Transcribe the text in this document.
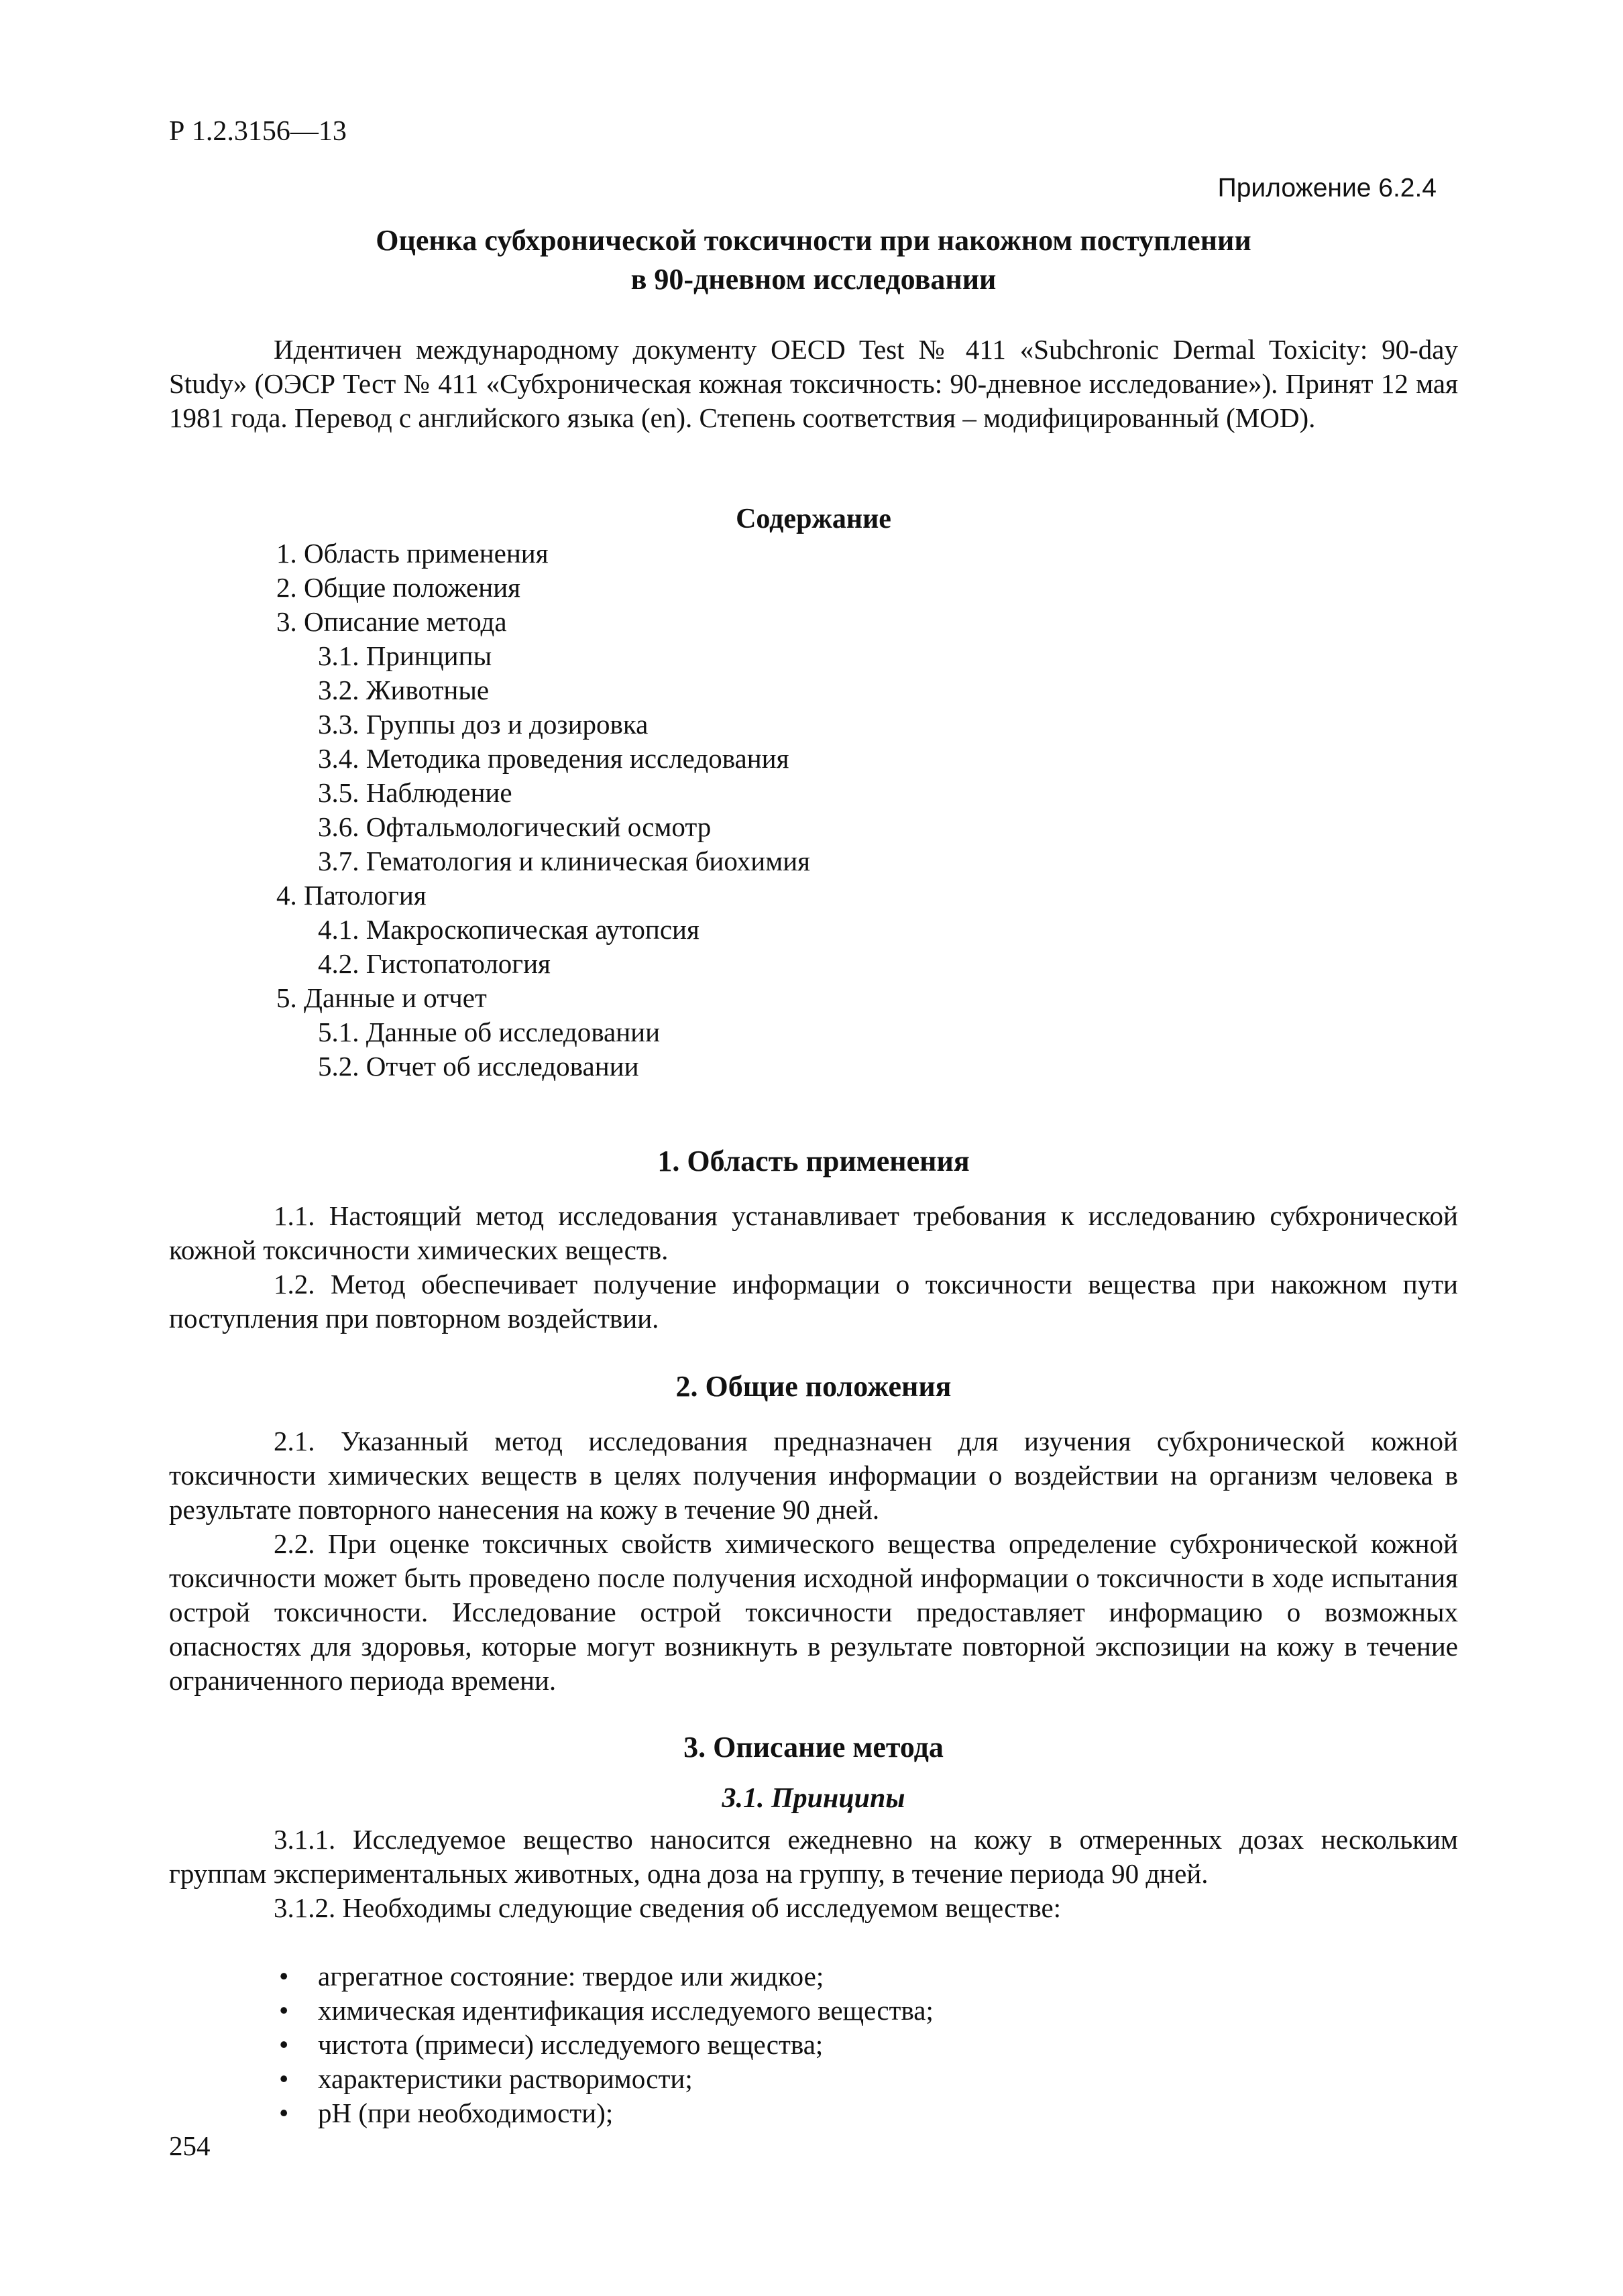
Р 1.2.3156—13
Приложение 6.2.4
Оценка субхронической токсичности при накожном поступлении
в 90-дневном исследовании

Идентичен международному документу OECD Test № 411 «Subchronic Dermal Toxicity: 90-day Study» (ОЭСР Тест № 411 «Субхроническая кожная токсичность: 90-дневное исследование»). Принят 12 мая 1981 года. Перевод с английского языка (en). Степень соответствия – модифицированный (MOD).

Содержание
1. Область применения
2. Общие положения
3. Описание метода
3.1. Принципы
3.2. Животные
3.3. Группы доз и дозировка
3.4. Методика проведения исследования
3.5. Наблюдение
3.6. Офтальмологический осмотр
3.7. Гематология и клиническая биохимия
4. Патология
4.1. Макроскопическая аутопсия
4.2. Гистопатология
5. Данные и отчет
5.1. Данные об исследовании
5.2. Отчет об исследовании
1. Область применения

1.1. Настоящий метод исследования устанавливает требования к исследованию субхронической кожной токсичности химических веществ.

1.2. Метод обеспечивает получение информации о токсичности вещества при накожном пути поступления при повторном воздействии.

2. Общие положения

2.1. Указанный метод исследования предназначен для изучения субхронической кожной токсичности химических веществ в целях получения информации о воздействии на организм человека в результате повторного нанесения на кожу в течение 90 дней.

2.2. При оценке токсичных свойств химического вещества определение субхронической кожной токсичности может быть проведено после получения исходной информации о токсичности в ходе испытания острой токсичности. Исследование острой токсичности предоставляет информацию о возможных опасностях для здоровья, которые могут возникнуть в результате повторной экспозиции на кожу в течение ограниченного периода времени.

3. Описание метода
3.1. Принципы

3.1.1. Исследуемое вещество наносится ежедневно на кожу в отмеренных дозах нескольким группам экспериментальных животных, одна доза на группу, в течение периода 90 дней.

3.1.2. Необходимы следующие сведения об исследуемом веществе:

• агрегатное состояние: твердое или жидкое;
• химическая идентификация исследуемого вещества;
• чистота (примеси) исследуемого вещества;
• характеристики растворимости;
• pH (при необходимости);
254
